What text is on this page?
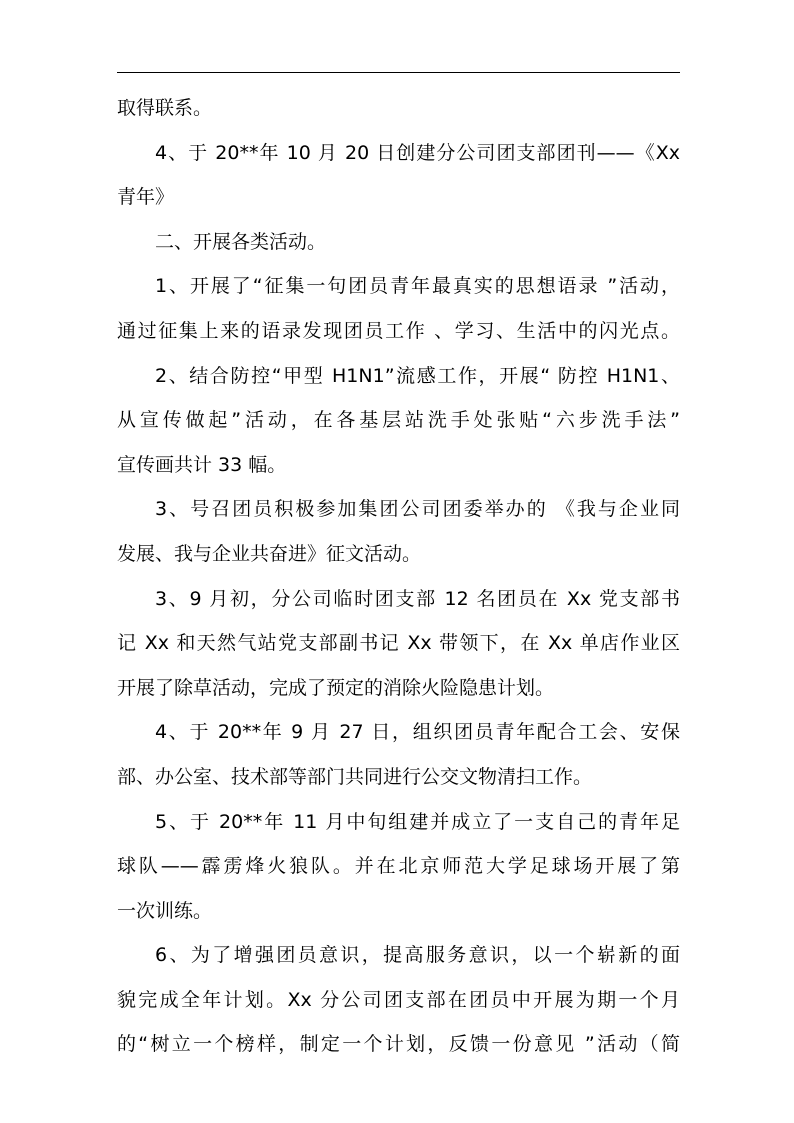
取得联系。
4、于 20**年 10 月 20 日创建分公司团支部团刊——《Xx
青年》
二、开展各类活动。
1、开展了“征集一句团员青年最真实的思想语录 ”活动，
通过征集上来的语录发现团员工作 、学习、生活中的闪光点。
2、结合防控“甲型 H1N1”流感工作，开展“ 防控 H1N1、
从宣传做起”活动，在各基层站洗手处张贴“六步洗手法”
宣传画共计 33 幅。
3、号召团员积极参加集团公司团委举办的 《我与企业同
发展、我与企业共奋进》征文活动。
3、9 月初，分公司临时团支部 12 名团员在 Xx 党支部书
记 Xx 和天然气站党支部副书记 Xx 带领下，在 Xx 单店作业区
开展了除草活动，完成了预定的消除火险隐患计划。
4、于 20**年 9 月 27 日，组织团员青年配合工会、安保
部、办公室、技术部等部门共同进行公交文物清扫工作。
5、于 20**年 11 月中旬组建并成立了一支自己的青年足
球队——霹雳烽火狼队。并在北京师范大学足球场开展了第
一次训练。
6、为了增强团员意识，提高服务意识，以一个崭新的面
貌完成全年计划。Xx 分公司团支部在团员中开展为期一个月
的“树立一个榜样，制定一个计划，反馈一份意见 ”活动（简
